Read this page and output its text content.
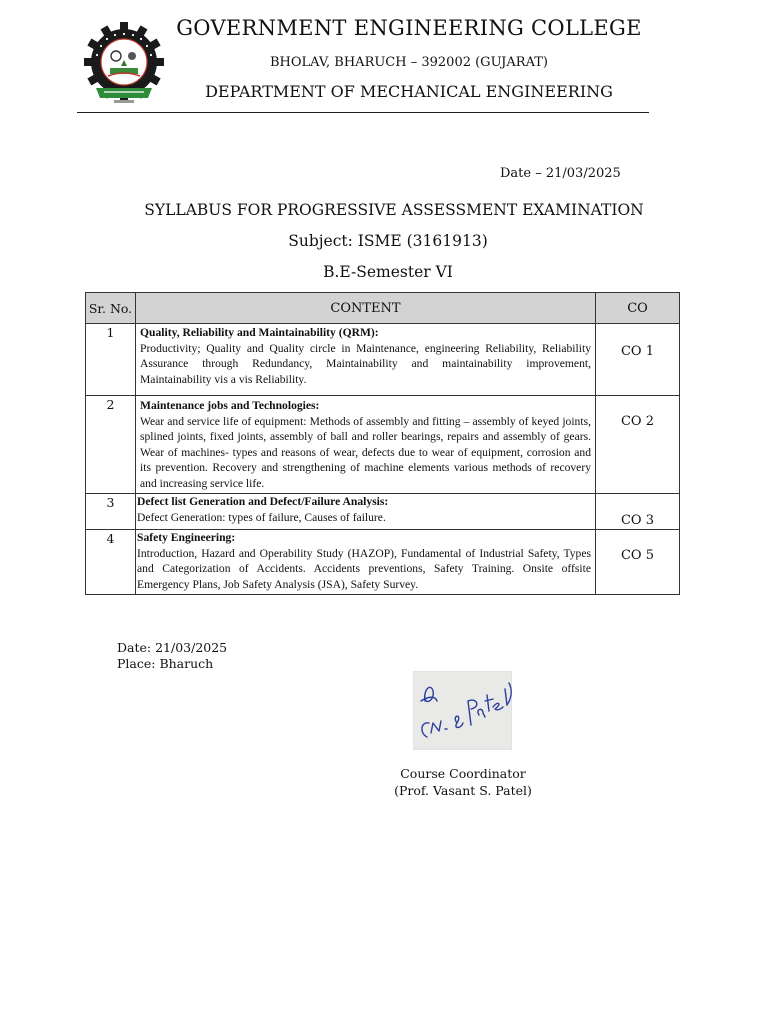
GOVERNMENT ENGINEERING COLLEGE
BHOLAV, BHARUCH – 392002 (GUJARAT)
DEPARTMENT OF MECHANICAL ENGINEERING
Date – 21/03/2025
SYLLABUS FOR PROGRESSIVE ASSESSMENT EXAMINATION
Subject: ISME (3161913)
B.E-Semester VI
Sr. No.	CONTENT	CO
1	Quality, Reliability and Maintainability (QRM):
Productivity; Quality and Quality circle in Maintenance, engineering Reliability, Reliability Assurance through Redundancy, Maintainability and maintainability improvement, Maintainability vis a vis Reliability.	CO 1
2	Maintenance jobs and Technologies:
Wear and service life of equipment: Methods of assembly and fitting – assembly of keyed joints, splined joints, fixed joints, assembly of ball and roller bearings, repairs and assembly of gears. Wear of machines- types and reasons of wear, defects due to wear of equipment, corrosion and its prevention. Recovery and strengthening of machine elements various methods of recovery and increasing service life.	CO 2
3	Defect list Generation and Defect/Failure Analysis:
Defect Generation: types of failure, Causes of failure.	CO 3
4	Safety Engineering:
Introduction, Hazard and Operability Study (HAZOP), Fundamental of Industrial Safety, Types and Categorization of Accidents. Accidents preventions, Safety Training. Onsite offsite Emergency Plans, Job Safety Analysis (JSA), Safety Survey.	CO 5
Date: 21/03/2025
Place: Bharuch
Course Coordinator
(Prof. Vasant S. Patel)
